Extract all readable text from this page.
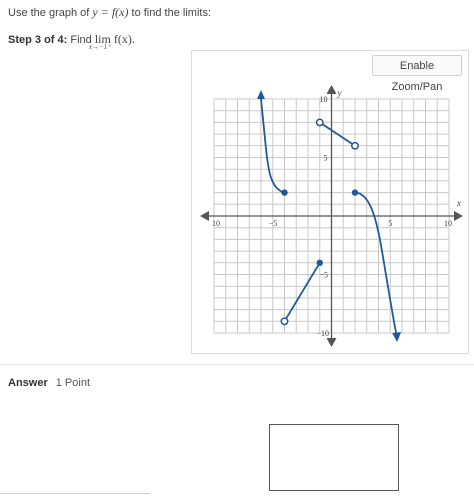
Use the graph of y = f(x) to find the limits:
Step 3 of 4: Find lim
x→−1⁺
f(x).
Enable Zoom/Pan
x
y
10	−5	5	10
10
5
−5
−10
Answer 1 Point
